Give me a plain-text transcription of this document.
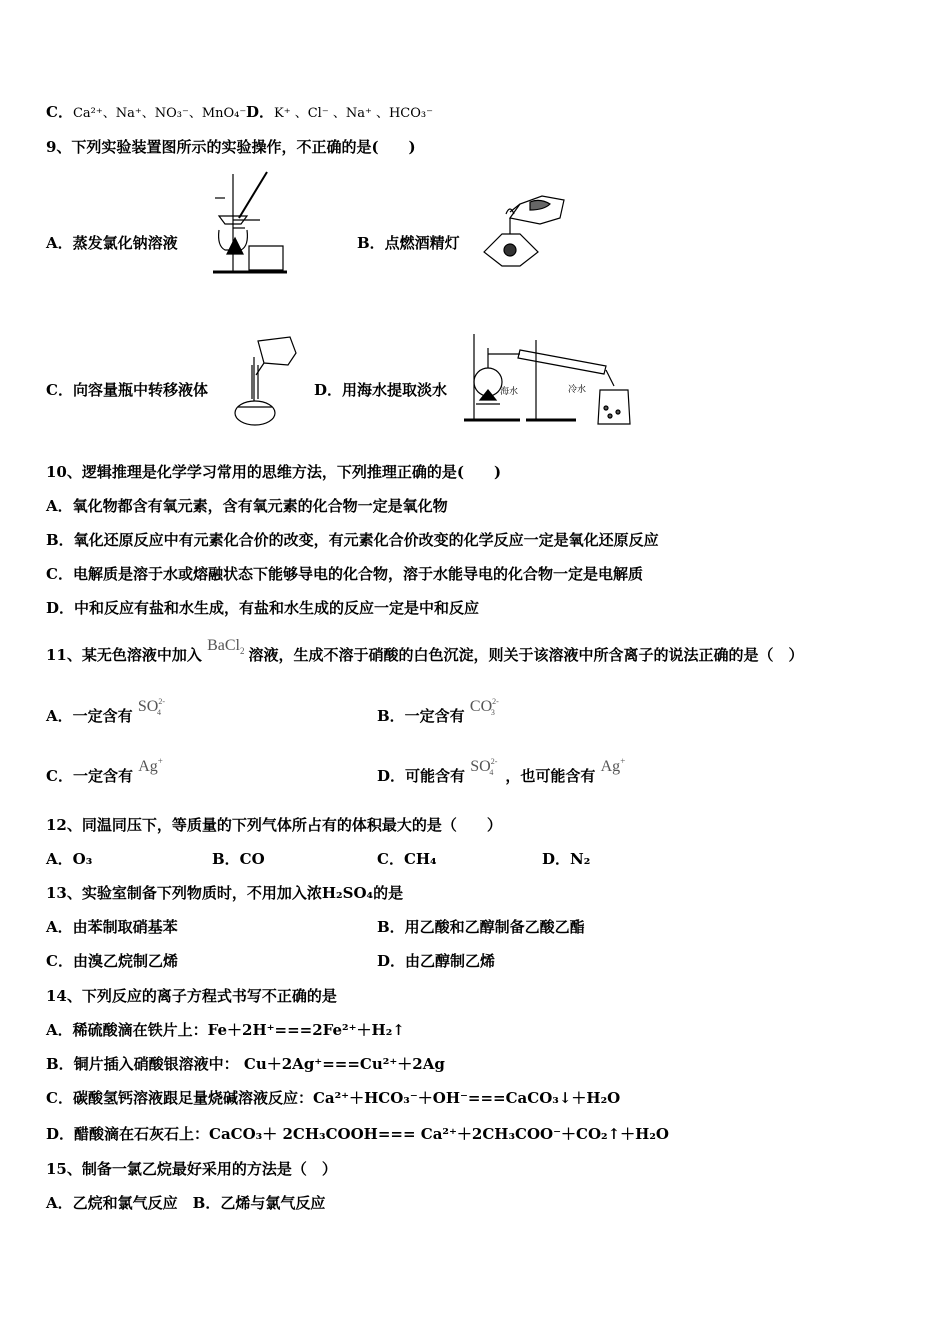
C．Ca²⁺、Na⁺、NO₃⁻、MnO₄⁻ D．K⁺ 、Cl⁻ 、Na⁺ 、HCO₃⁻
9、下列实验装置图所示的实验操作，不正确的是(　　)
A．蒸发氯化钠溶液	B．点燃酒精灯
C．向容量瓶中转移液体	D．用海水提取淡水	海水	冷水
10、逻辑推理是化学学习常用的思维方法，下列推理正确的是(　　)
A．氧化物都含有氧元素，含有氧元素的化合物一定是氧化物
B．氧化还原反应中有元素化合价的改变，有元素化合价改变的化学反应一定是氧化还原反应
C．电解质是溶于水或熔融状态下能够导电的化合物，溶于水能导电的化合物一定是电解质
D．中和反应有盐和水生成，有盐和水生成的反应一定是中和反应
11、某无色溶液中加入 BaCl$_2$ 溶液，生成不溶于硝酸的白色沉淀，则关于该溶液中所含离子的说法正确的是（　）
A．一定含有 $SO^{2-}_4$	B．一定含有 $CO^{2-}_3$
C．一定含有 Ag+
D．可能含有 $SO^{2-}_4$ ，也可能含有 Ag+
12、同温同压下，等质量的下列气体所占有的体积最大的是（　　）
A．O₃	B．CO	C．CH₄	D．N₂
13、实验室制备下列物质时，不用加入浓H₂SO₄的是
A．由苯制取硝基苯	B．用乙酸和乙醇制备乙酸乙酯
C．由溴乙烷制乙烯	D．由乙醇制乙烯
14、下列反应的离子方程式书写不正确的是
A．稀硫酸滴在铁片上：Fe＋2H⁺===2Fe²⁺＋H₂↑
B．铜片插入硝酸银溶液中： Cu＋2Ag⁺===Cu²⁺＋2Ag
C．碳酸氢钙溶液跟足量烧碱溶液反应：Ca²⁺＋HCO₃⁻＋OH⁻===CaCO₃↓＋H₂O
D．醋酸滴在石灰石上：CaCO₃＋ 2CH₃COOH=== Ca²⁺＋2CH₃COO⁻＋CO₂↑＋H₂O
15、制备一氯乙烷最好采用的方法是（　）
A．乙烷和氯气反应　B．乙烯与氯气反应
